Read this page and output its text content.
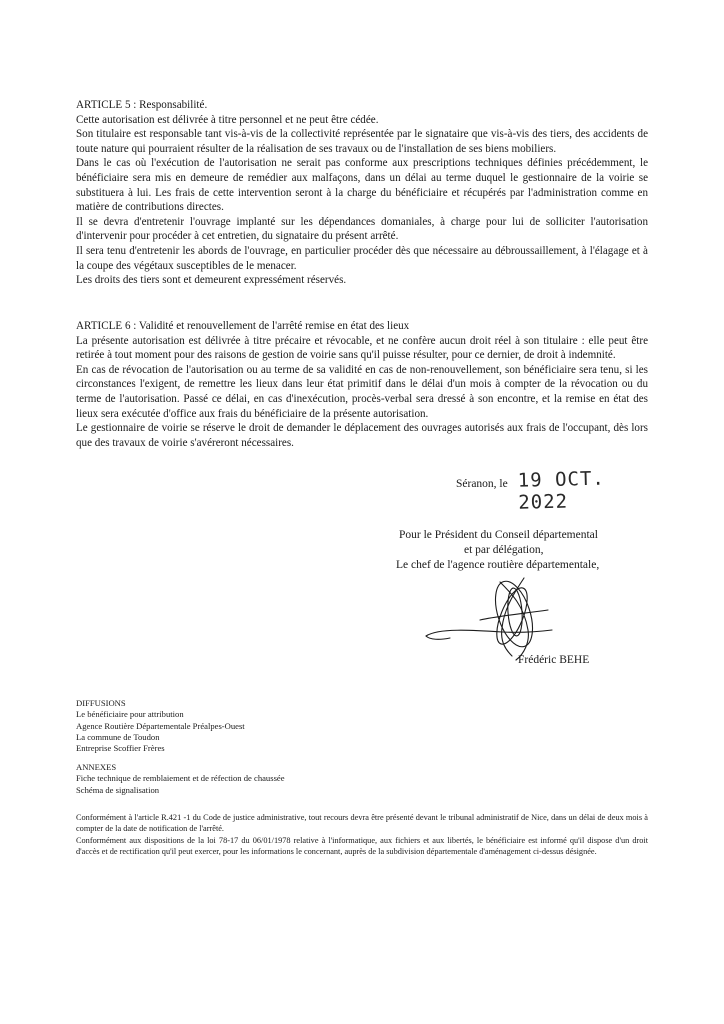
ARTICLE 5 : Responsabilité.

Cette autorisation est délivrée à titre personnel et ne peut être cédée.

Son titulaire est responsable tant vis-à-vis de la collectivité représentée par le signataire que vis-à-vis des tiers, des accidents de toute nature qui pourraient résulter de la réalisation de ses travaux ou de l'installation de ses biens mobiliers.

Dans le cas où l'exécution de l'autorisation ne serait pas conforme aux prescriptions techniques définies précédemment, le bénéficiaire sera mis en demeure de remédier aux malfaçons, dans un délai au terme duquel le gestionnaire de la voirie se substituera à lui. Les frais de cette intervention seront à la charge du bénéficiaire et récupérés par l'administration comme en matière de contributions directes.

Il se devra d'entretenir l'ouvrage implanté sur les dépendances domaniales, à charge pour lui de solliciter l'autorisation d'intervenir pour procéder à cet entretien, du signataire du présent arrêté.

Il sera tenu d'entretenir les abords de l'ouvrage, en particulier procéder dès que nécessaire au débroussaillement, à l'élagage et à la coupe des végétaux susceptibles de le menacer.

Les droits des tiers sont et demeurent expressément réservés.

ARTICLE 6 : Validité et renouvellement de l'arrêté remise en état des lieux

La présente autorisation est délivrée à titre précaire et révocable, et ne confère aucun droit réel à son titulaire : elle peut être retirée à tout moment pour des raisons de gestion de voirie sans qu'il puisse résulter, pour ce dernier, de droit à indemnité.

En cas de révocation de l'autorisation ou au terme de sa validité en cas de non-renouvellement, son bénéficiaire sera tenu, si les circonstances l'exigent, de remettre les lieux dans leur état primitif dans le délai d'un mois à compter de la révocation ou du terme de l'autorisation. Passé ce délai, en cas d'inexécution, procès-verbal sera dressé à son encontre, et la remise en état des lieux sera exécutée d'office aux frais du bénéficiaire de la présente autorisation.

Le gestionnaire de voirie se réserve le droit de demander le déplacement des ouvrages autorisés aux frais de l'occupant, dès lors que des travaux de voirie s'avéreront nécessaires.

Séranon, le 19 OCT. 2022
Pour le Président du Conseil départemental
et par délégation,
Le chef de l'agence routière départementale,
Frédéric BEHE
DIFFUSIONS
Le bénéficiaire pour attribution
Agence Routière Départementale Préalpes-Ouest
La commune de Toudon
Entreprise Scoffier Frères
ANNEXES
Fiche technique de remblaiement et de réfection de chaussée
Schéma de signalisation

Conformément à l'article R.421 -1 du Code de justice administrative, tout recours devra être présenté devant le tribunal administratif de Nice, dans un délai de deux mois à compter de la date de notification de l'arrêté.

Conformément aux dispositions de la loi 78-17 du 06/01/1978 relative à l'informatique, aux fichiers et aux libertés, le bénéficiaire est informé qu'il dispose d'un droit d'accès et de rectification qu'il peut exercer, pour les informations le concernant, auprès de la subdivision départementale d'aménagement ci-dessus désignée.
